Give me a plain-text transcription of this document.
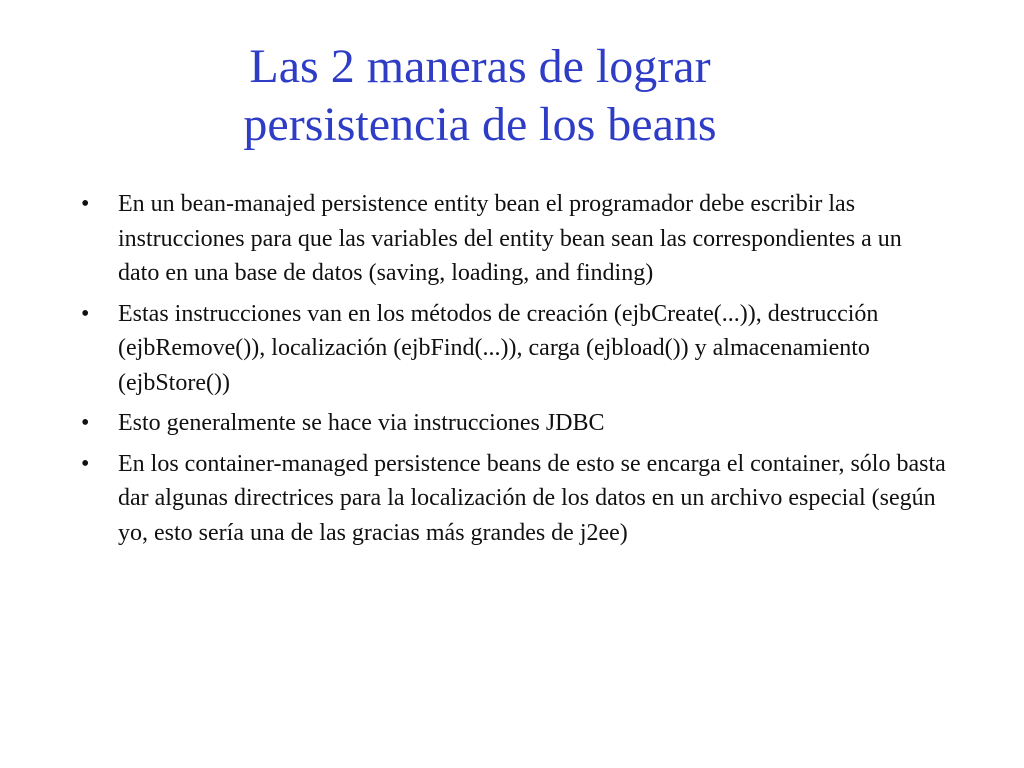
Las 2 maneras de lograr
persistencia de los beans
• En un bean-manajed persistence entity bean el programador debe escribir las instrucciones para que las variables del entity bean sean las correspondientes a un dato en una base de datos (saving, loading, and finding)
• Estas instrucciones van en los métodos de creación (ejbCreate(...)), destrucción (ejbRemove()), localización (ejbFind(...)), carga (ejbload()) y almacenamiento (ejbStore())
• Esto generalmente se hace via instrucciones JDBC
• En los container-managed persistence beans de esto se encarga el container, sólo basta dar algunas directrices para la localización de los datos en un archivo especial (según yo, esto sería una de las gracias más grandes de j2ee)
